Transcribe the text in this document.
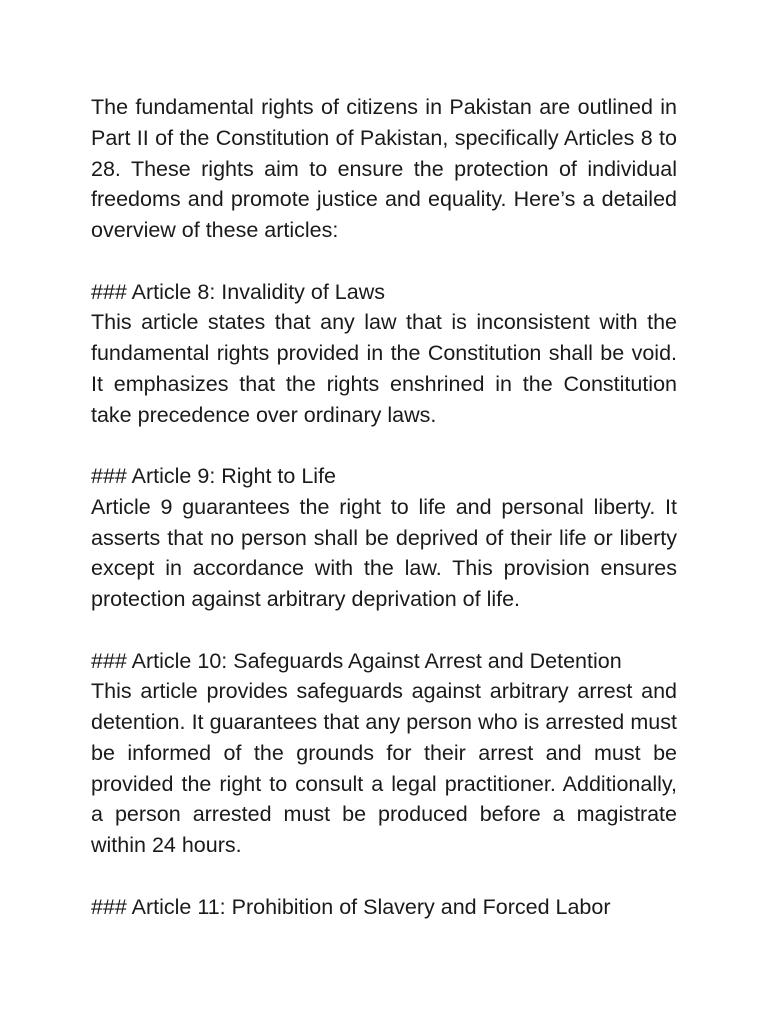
The fundamental rights of citizens in Pakistan are outlined in Part II of the Constitution of Pakistan, specifically Articles 8 to 28. These rights aim to ensure the protection of individual freedoms and promote justice and equality. Here’s a detailed overview of these articles:

### Article 8: Invalidity of Laws

This article states that any law that is inconsistent with the fundamental rights provided in the Constitution shall be void. It emphasizes that the rights enshrined in the Constitution take precedence over ordinary laws.

### Article 9: Right to Life

Article 9 guarantees the right to life and personal liberty. It asserts that no person shall be deprived of their life or liberty except in accordance with the law. This provision ensures protection against arbitrary deprivation of life.

### Article 10: Safeguards Against Arrest and Detention

This article provides safeguards against arbitrary arrest and detention. It guarantees that any person who is arrested must be informed of the grounds for their arrest and must be provided the right to consult a legal practitioner. Additionally, a person arrested must be produced before a magistrate within 24 hours.

### Article 11: Prohibition of Slavery and Forced Labor
